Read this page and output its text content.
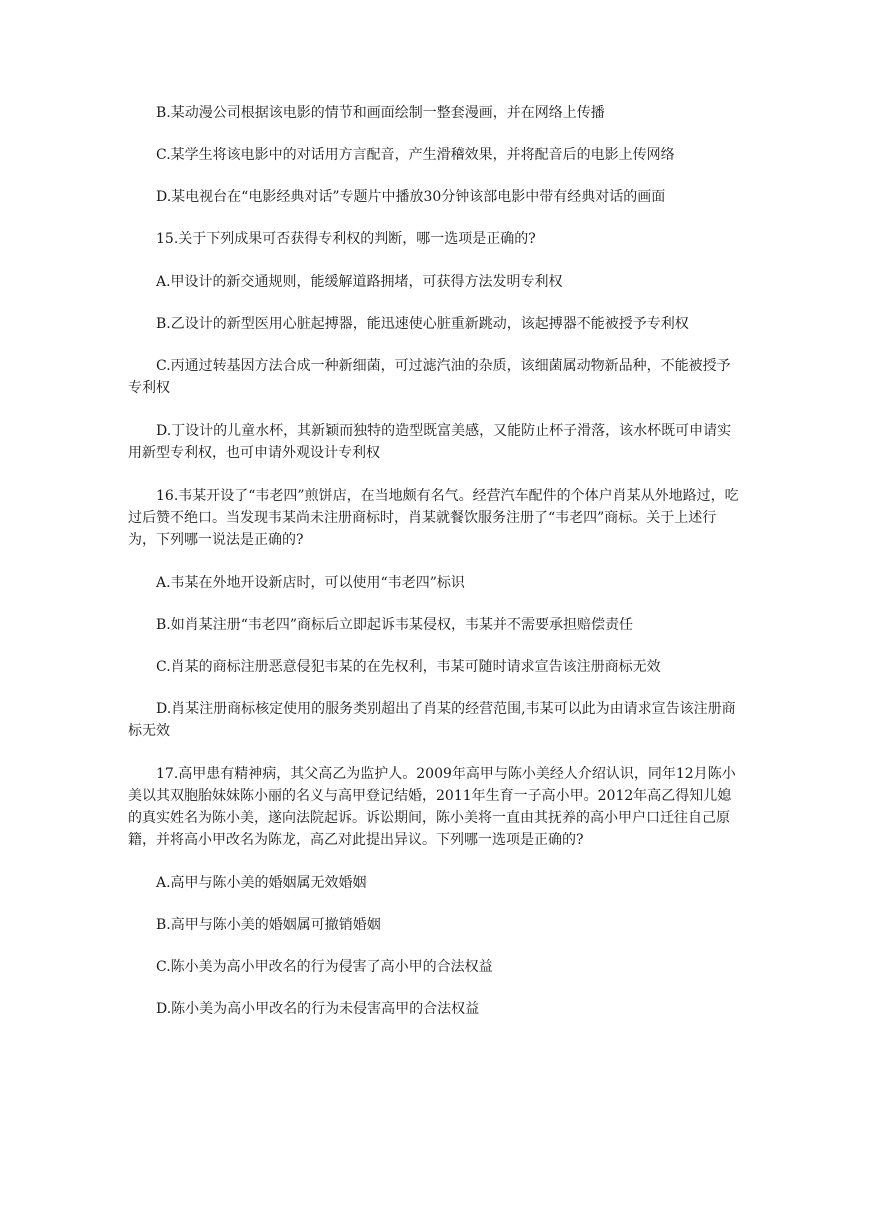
B.某动漫公司根据该电影的情节和画面绘制一整套漫画，并在网络上传播

C.某学生将该电影中的对话用方言配音，产生滑稽效果，并将配音后的电影上传网络

D.某电视台在“电影经典对话”专题片中播放30分钟该部电影中带有经典对话的画面

15.关于下列成果可否获得专利权的判断，哪一选项是正确的?

A.甲设计的新交通规则，能缓解道路拥堵，可获得方法发明专利权

B.乙设计的新型医用心脏起搏器，能迅速使心脏重新跳动，该起搏器不能被授予专利权

C.丙通过转基因方法合成一种新细菌，可过滤汽油的杂质，该细菌属动物新品种，不能被授予专利权

D.丁设计的儿童水杯，其新颖而独特的造型既富美感，又能防止杯子滑落，该水杯既可申请实用新型专利权，也可申请外观设计专利权

16.韦某开设了“韦老四”煎饼店，在当地颇有名气。经营汽车配件的个体户肖某从外地路过，吃过后赞不绝口。当发现韦某尚未注册商标时，肖某就餐饮服务注册了“韦老四”商标。关于上述行为，下列哪一说法是正确的?

A.韦某在外地开设新店时，可以使用“韦老四”标识

B.如肖某注册“韦老四”商标后立即起诉韦某侵权，韦某并不需要承担赔偿责任

C.肖某的商标注册恶意侵犯韦某的在先权利，韦某可随时请求宣告该注册商标无效

D.肖某注册商标核定使用的服务类别超出了肖某的经营范围,韦某可以此为由请求宣告该注册商标无效

17.高甲患有精神病，其父高乙为监护人。2009年高甲与陈小美经人介绍认识，同年12月陈小美以其双胞胎妹妹陈小丽的名义与高甲登记结婚，2011年生育一子高小甲。2012年高乙得知儿媳的真实姓名为陈小美，遂向法院起诉。诉讼期间，陈小美将一直由其抚养的高小甲户口迁往自己原籍，并将高小甲改名为陈龙，高乙对此提出异议。下列哪一选项是正确的?

A.高甲与陈小美的婚姻属无效婚姻

B.高甲与陈小美的婚姻属可撤销婚姻

C.陈小美为高小甲改名的行为侵害了高小甲的合法权益

D.陈小美为高小甲改名的行为未侵害高甲的合法权益
